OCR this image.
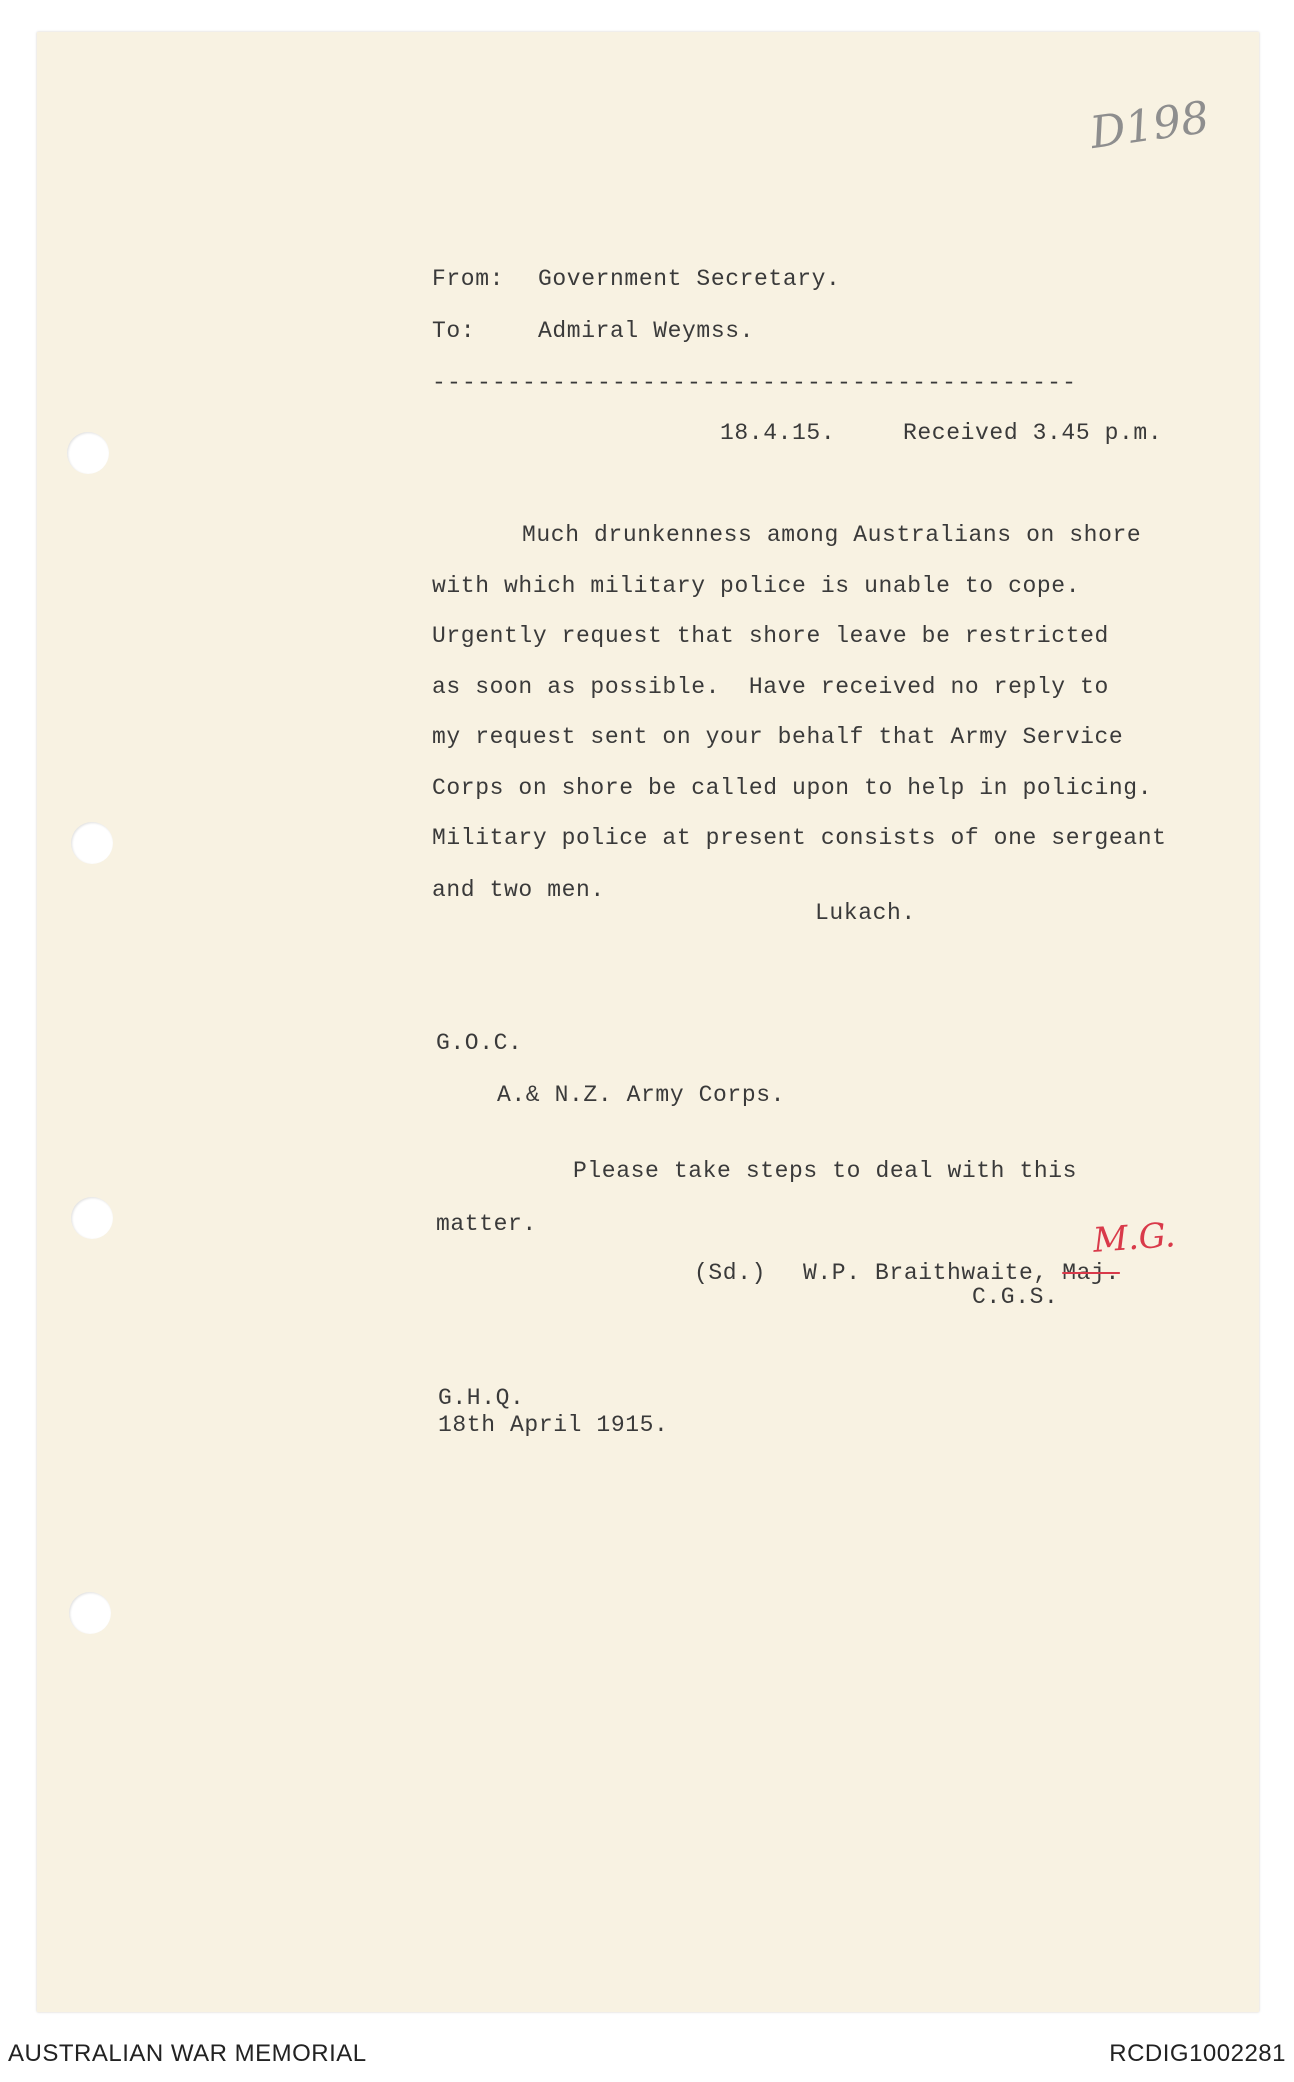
D198
From: Government Secretary.
To:	Admiral Weymss.
-------------------------------------------
18.4.15.	Received 3.45 p.m.
Much drunkenness among Australians on shore
with which military police is unable to cope.
Urgently request that shore leave be restricted
as soon as possible.  Have received no reply to
my request sent on your behalf that Army Service
Corps on shore be called upon to help in policing.
Military police at present consists of one sergeant
and two men.
Lukach.
G.O.C.
A.& N.Z. Army Corps.
Please take steps to deal with this
matter.
(Sd.) W.P. Braithwaite, Maj.
M.G.
C.G.S.
G.H.Q.
18th April 1915.
AUSTRALIAN WAR MEMORIAL	RCDIG1002281
